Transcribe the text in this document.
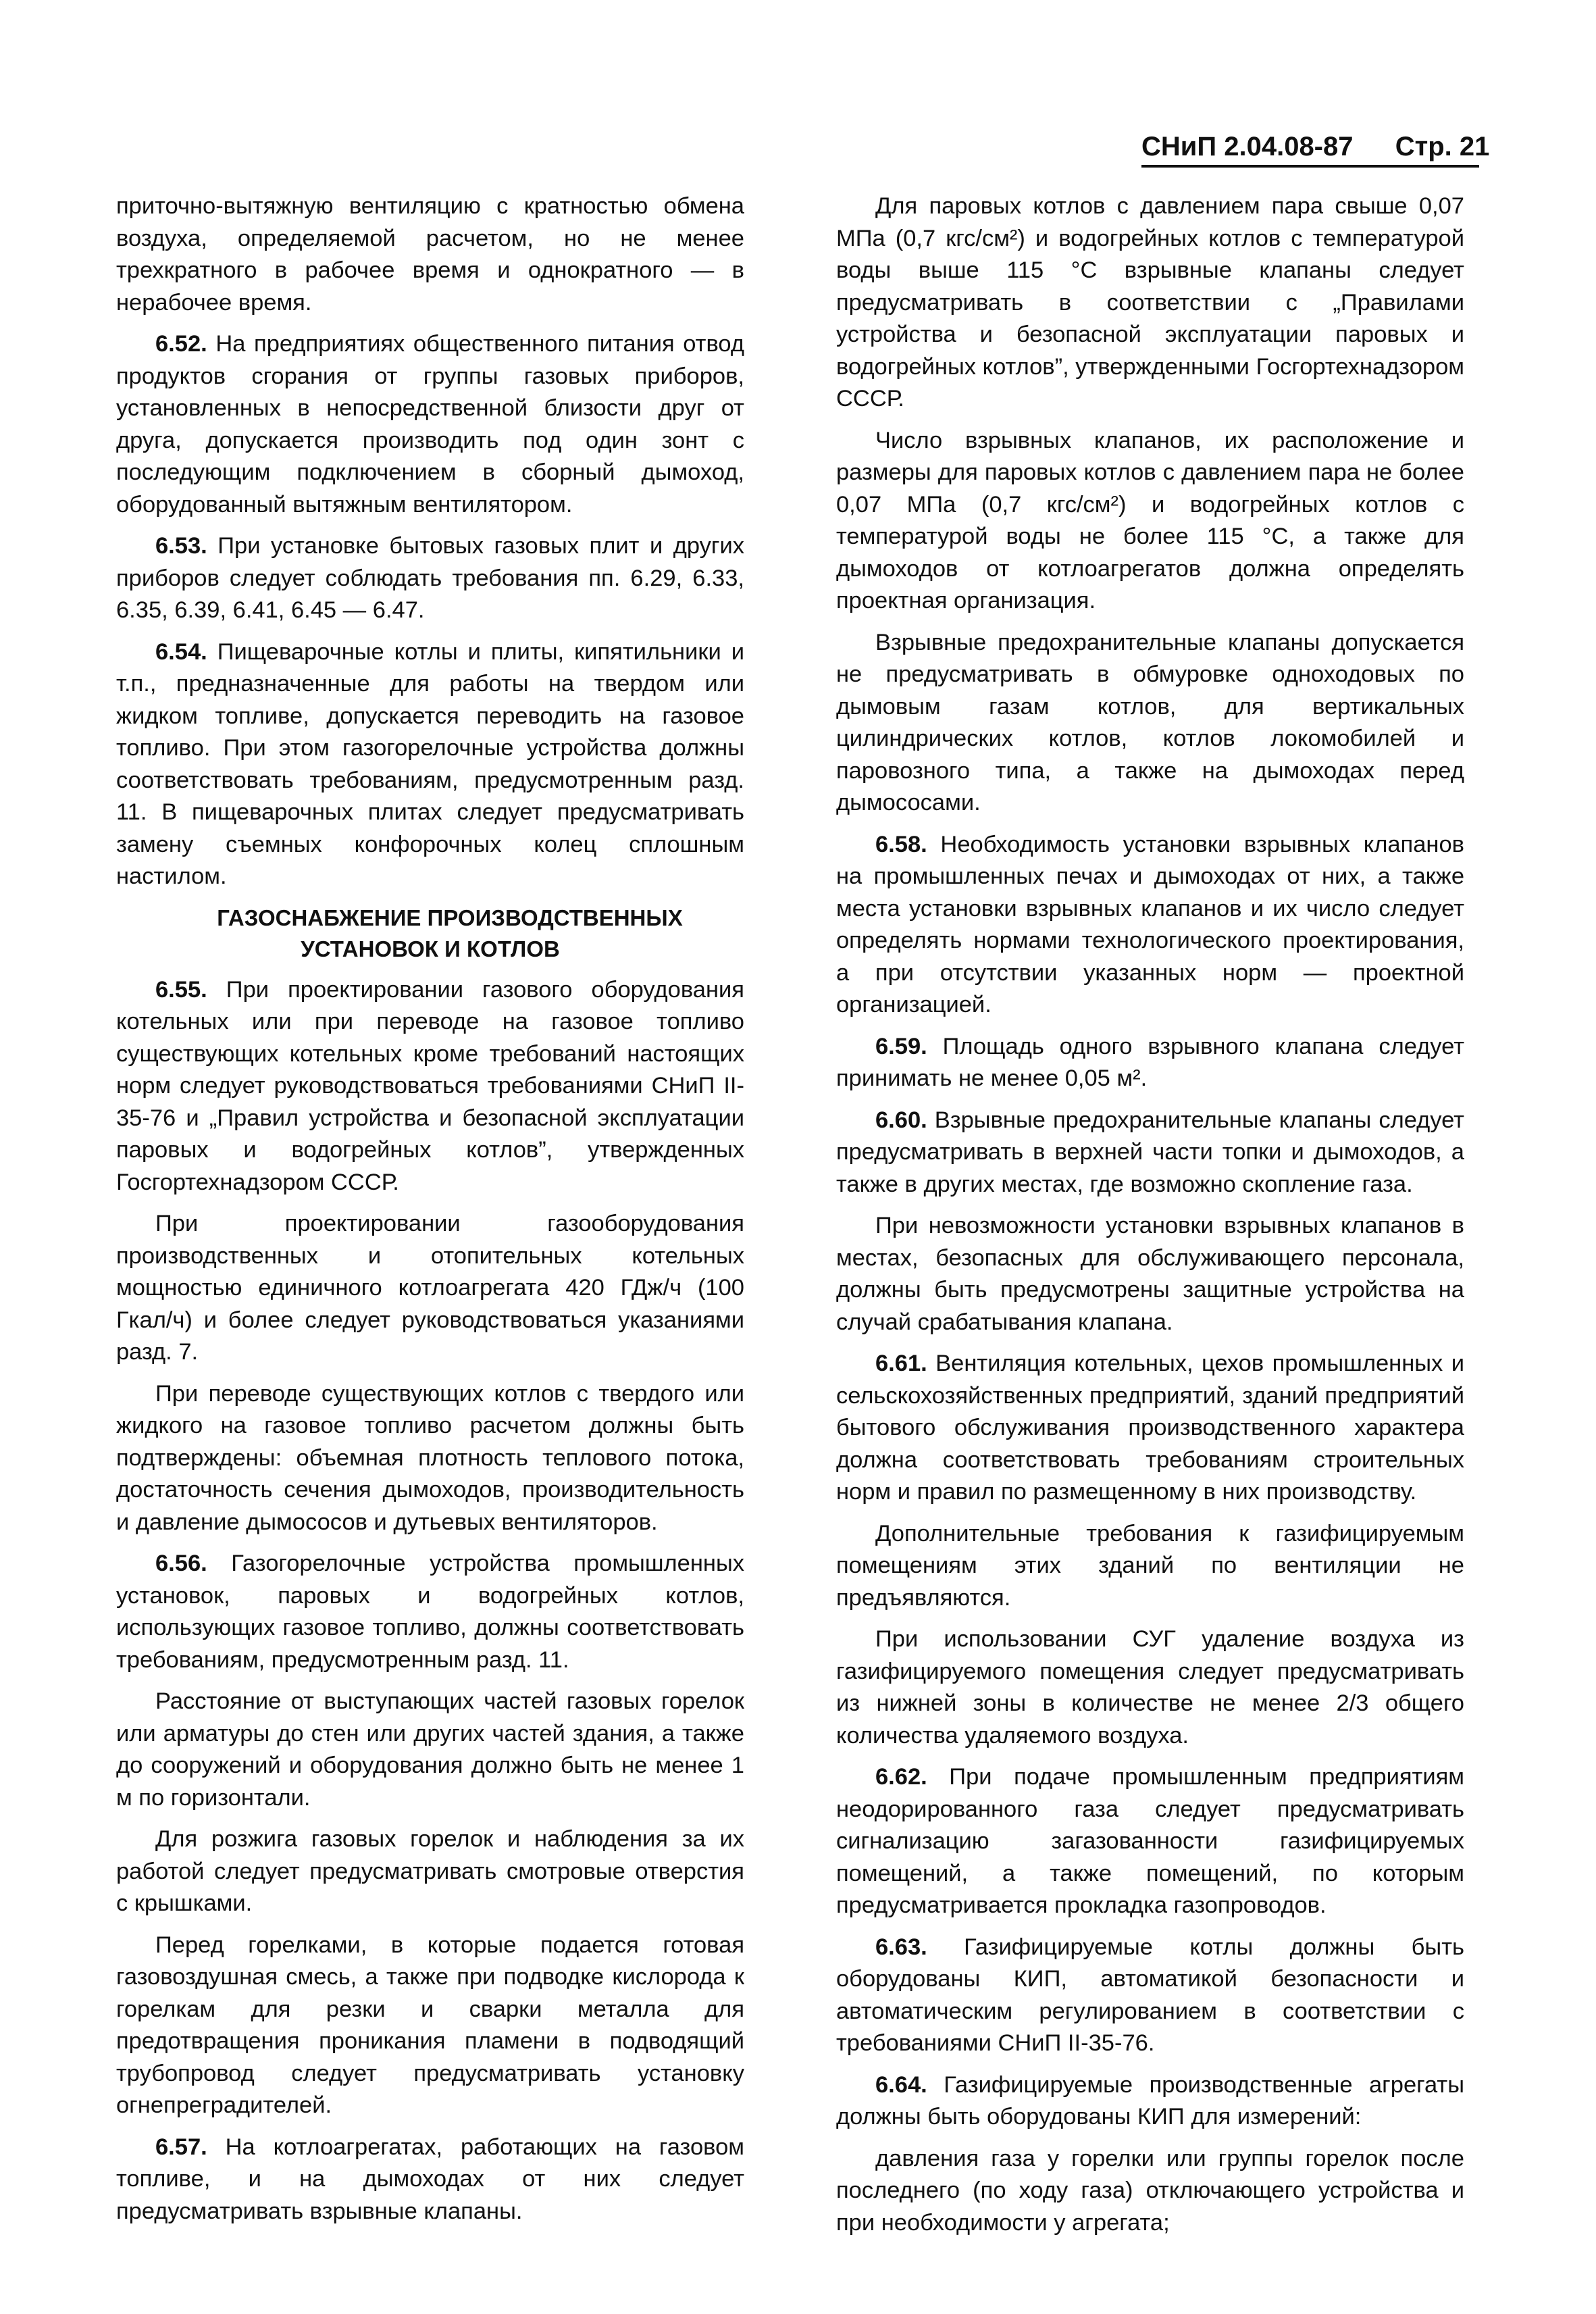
СНиП 2.04.08-87 Стр. 21

приточно-вытяжную вентиляцию с кратностью обмена воздуха, определяемой расчетом, но не менее трехкратного в рабочее время и однократного — в нерабочее время.

6.52. На предприятиях общественного питания отвод продуктов сгорания от группы газовых приборов, установленных в непосредственной близости друг от друга, допускается производить под один зонт с последующим подключением в сборный дымоход, оборудованный вытяжным вентилятором.

6.53. При установке бытовых газовых плит и других приборов следует соблюдать требования пп. 6.29, 6.33, 6.35, 6.39, 6.41, 6.45 — 6.47.

6.54. Пищеварочные котлы и плиты, кипятильники и т.п., предназначенные для работы на твердом или жидком топливе, допускается переводить на газовое топливо. При этом газогорелочные устройства должны соответствовать требованиям, предусмотренным разд. 11. В пищеварочных плитах следует предусматривать замену съемных конфорочных колец сплошным настилом.

ГАЗОСНАБЖЕНИЕ ПРОИЗВОДСТВЕННЫХ УСТАНОВОК И КОТЛОВ

6.55. При проектировании газового оборудования котельных или при переводе на газовое топливо существующих котельных кроме требований настоящих норм следует руководствоваться требованиями СНиП II-35-76 и „Правил устройства и безопасной эксплуатации паровых и водогрейных котлов”, утвержденных Госгортехнадзором СССР.

При проектировании газооборудования производственных и отопительных котельных мощностью единичного котлоагрегата 420 ГДж/ч (100 Гкал/ч) и более следует руководствоваться указаниями разд. 7.

При переводе существующих котлов с твердого или жидкого на газовое топливо расчетом должны быть подтверждены: объемная плотность теплового потока, достаточность сечения дымоходов, производительность и давление дымососов и дутьевых вентиляторов.

6.56. Газогорелочные устройства промышленных установок, паровых и водогрейных котлов, использующих газовое топливо, должны соответствовать требованиям, предусмотренным разд. 11.

Расстояние от выступающих частей газовых горелок или арматуры до стен или других частей здания, а также до сооружений и оборудования должно быть не менее 1 м по горизонтали.

Для розжига газовых горелок и наблюдения за их работой следует предусматривать смотровые отверстия с крышками.

Перед горелками, в которые подается готовая газовоздушная смесь, а также при подводке кислорода к горелкам для резки и сварки металла для предотвращения проникания пламени в подводящий трубопровод следует предусматривать установку огнепреградителей.

6.57. На котлоагрегатах, работающих на газовом топливе, и на дымоходах от них следует предусматривать взрывные клапаны.

Для паровых котлов с давлением пара свыше 0,07 МПа (0,7 кгс/см²) и водогрейных котлов с температурой воды выше 115 °С взрывные клапаны следует предусматривать в соответствии с „Правилами устройства и безопасной эксплуатации паровых и водогрейных котлов”, утвержденными Госгортехнадзором СССР.

Число взрывных клапанов, их расположение и размеры для паровых котлов с давлением пара не более 0,07 МПа (0,7 кгс/см²) и водогрейных котлов с температурой воды не более 115 °С, а также для дымоходов от котлоагрегатов должна определять проектная организация.

Взрывные предохранительные клапаны допускается не предусматривать в обмуровке одноходовых по дымовым газам котлов, для вертикальных цилиндрических котлов, котлов локомобилей и паровозного типа, а также на дымоходах перед дымососами.

6.58. Необходимость установки взрывных клапанов на промышленных печах и дымоходах от них, а также места установки взрывных клапанов и их число следует определять нормами технологического проектирования, а при отсутствии указанных норм — проектной организацией.

6.59. Площадь одного взрывного клапана следует принимать не менее 0,05 м².

6.60. Взрывные предохранительные клапаны следует предусматривать в верхней части топки и дымоходов, а также в других местах, где возможно скопление газа.

При невозможности установки взрывных клапанов в местах, безопасных для обслуживающего персонала, должны быть предусмотрены защитные устройства на случай срабатывания клапана.

6.61. Вентиляция котельных, цехов промышленных и сельскохозяйственных предприятий, зданий предприятий бытового обслуживания производственного характера должна соответствовать требованиям строительных норм и правил по размещенному в них производству.

Дополнительные требования к газифицируемым помещениям этих зданий по вентиляции не предъявляются.

При использовании СУГ удаление воздуха из газифицируемого помещения следует предусматривать из нижней зоны в количестве не менее 2/3 общего количества удаляемого воздуха.

6.62. При подаче промышленным предприятиям неодорированного газа следует предусматривать сигнализацию загазованности газифицируемых помещений, а также помещений, по которым предусматривается прокладка газопроводов.

6.63. Газифицируемые котлы должны быть оборудованы КИП, автоматикой безопасности и автоматическим регулированием в соответствии с требованиями СНиП II-35-76.

6.64. Газифицируемые производственные агрегаты должны быть оборудованы КИП для измерений:

давления газа у горелки или группы горелок после последнего (по ходу газа) отключающего устройства и при необходимости у агрегата;
